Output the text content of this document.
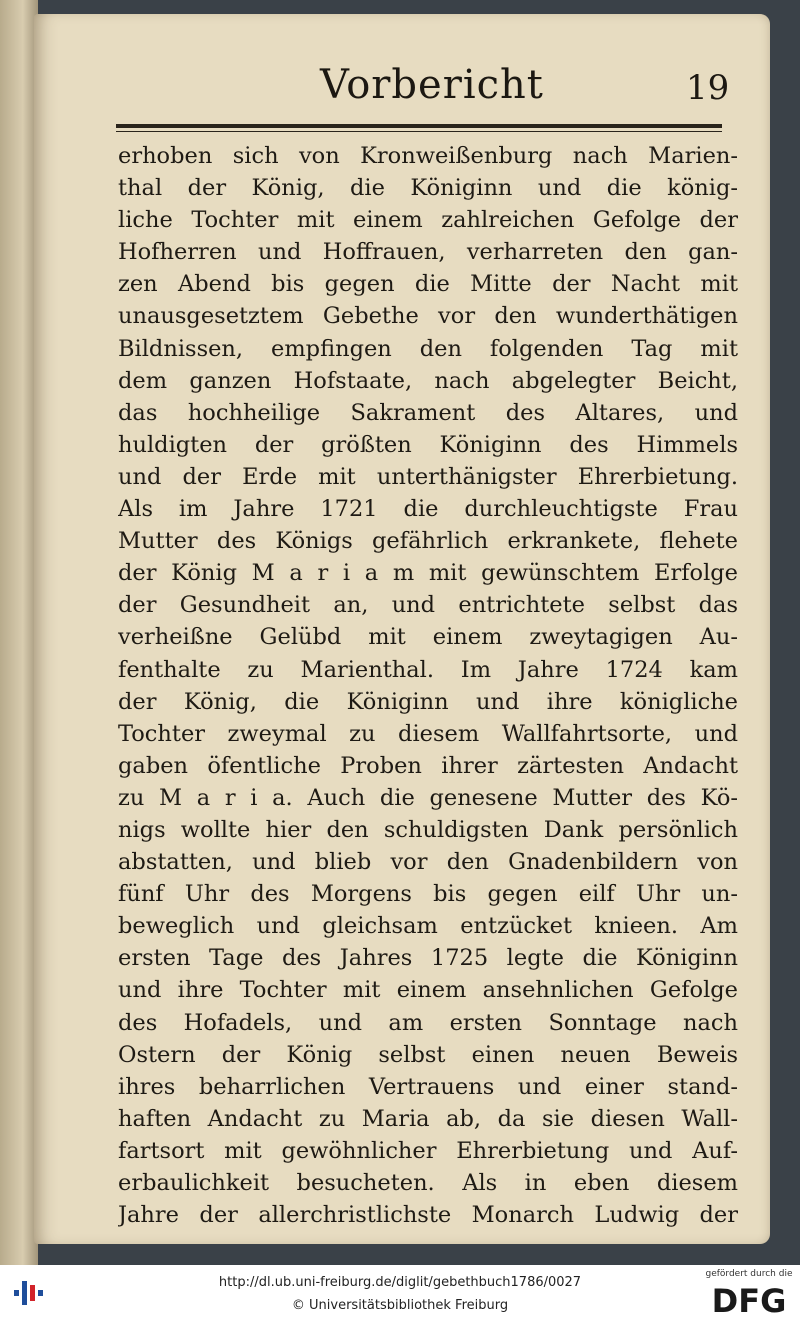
Vorbericht	19
erhoben sich von Kronweißenburg nach Marien-
thal der König, die Königinn und die könig-
liche Tochter mit einem zahlreichen Gefolge der
Hofherren und Hoffrauen, verharreten den gan-
zen Abend bis gegen die Mitte der Nacht mit
unausgesetztem Gebethe vor den wunderthätigen
Bildnissen, empfingen den folgenden Tag mit
dem ganzen Hofstaate, nach abgelegter Beicht,
das hochheilige Sakrament des Altares, und
huldigten der größten Königinn des Himmels
und der Erde mit unterthänigster Ehrerbietung.
Als im Jahre 1721 die durchleuchtigste Frau
Mutter des Königs gefährlich erkrankete, flehete
der König M a r i a m mit gewünschtem Erfolge
der Gesundheit an, und entrichtete selbst das
verheißne Gelübd mit einem zweytagigen Au-
fenthalte zu Marienthal. Im Jahre 1724 kam
der König, die Königinn und ihre königliche
Tochter zweymal zu diesem Wallfahrtsorte, und
gaben öfentliche Proben ihrer zärtesten Andacht
zu M a r i a. Auch die genesene Mutter des Kö-
nigs wollte hier den schuldigsten Dank persönlich
abstatten, und blieb vor den Gnadenbildern von
fünf Uhr des Morgens bis gegen eilf Uhr un-
beweglich und gleichsam entzücket knieen. Am
ersten Tage des Jahres 1725 legte die Königinn
und ihre Tochter mit einem ansehnlichen Gefolge
des Hofadels, und am ersten Sonntage nach
Ostern der König selbst einen neuen Beweis
ihres beharrlichen Vertrauens und einer stand-
haften Andacht zu Maria ab, da sie diesen Wall-
fartsort mit gewöhnlicher Ehrerbietung und Auf-
erbaulichkeit besucheten. Als in eben diesem
Jahre der allerchristlichste Monarch Ludwig der
http://dl.ub.uni-freiburg.de/diglit/gebethbuch1786/0027
© Universitätsbibliothek Freiburg
gefördert durch die
DFG
